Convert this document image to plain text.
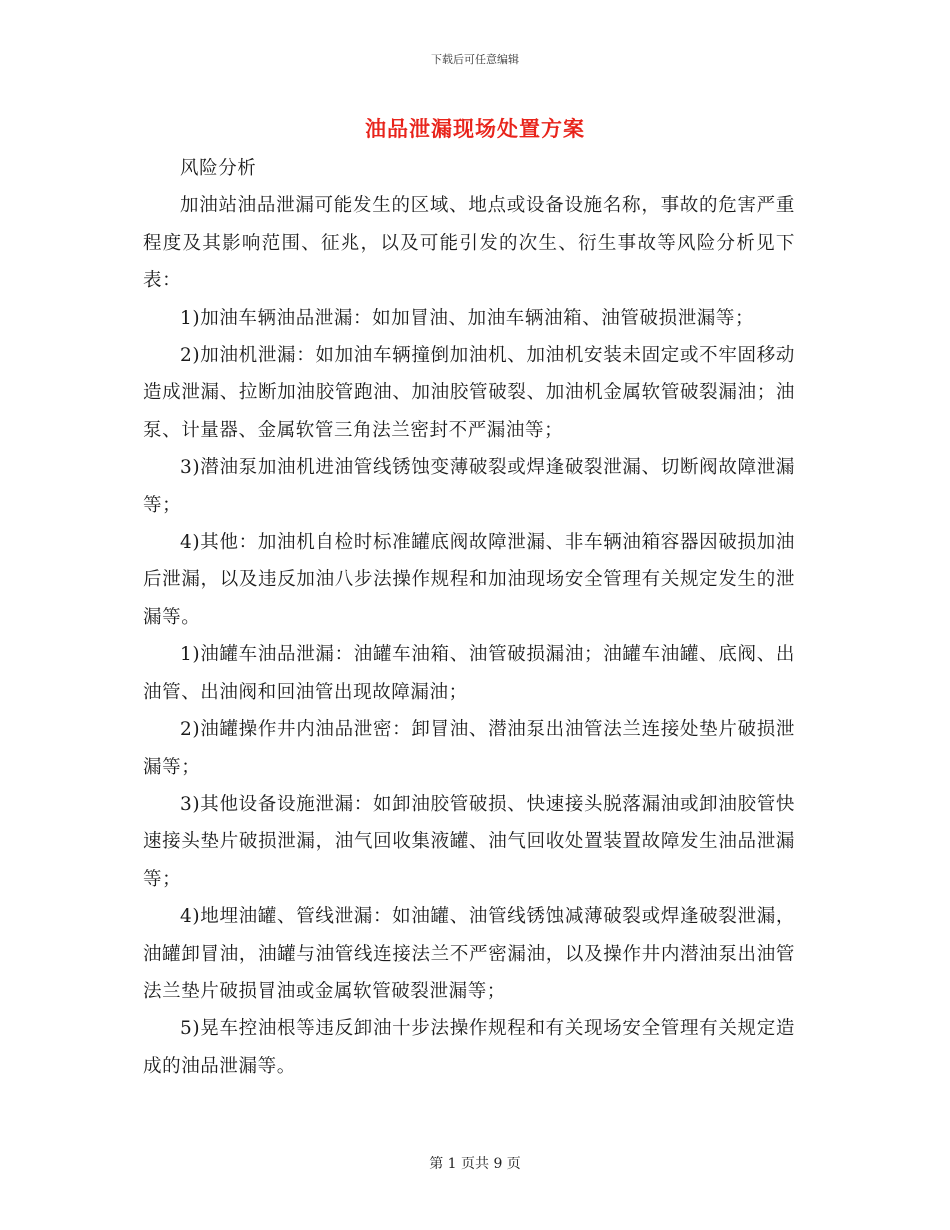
下载后可任意编辑
油品泄漏现场处置方案

风险分析

加油站油品泄漏可能发生的区域、地点或设备设施名称，事故的危害严重程度及其影响范围、征兆，以及可能引发的次生、衍生事故等风险分析见下表：

1)加油车辆油品泄漏：如加冒油、加油车辆油箱、油管破损泄漏等；

2)加油机泄漏：如加油车辆撞倒加油机、加油机安装未固定或不牢固移动造成泄漏、拉断加油胶管跑油、加油胶管破裂、加油机金属软管破裂漏油；油泵、计量器、金属软管三角法兰密封不严漏油等；

3)潜油泵加油机进油管线锈蚀变薄破裂或焊逢破裂泄漏、切断阀故障泄漏等；

4)其他：加油机自检时标准罐底阀故障泄漏、非车辆油箱容器因破损加油后泄漏，以及违反加油八步法操作规程和加油现场安全管理有关规定发生的泄漏等。

1)油罐车油品泄漏：油罐车油箱、油管破损漏油；油罐车油罐、底阀、出油管、出油阀和回油管出现故障漏油；

2)油罐操作井内油品泄密：卸冒油、潜油泵出油管法兰连接处垫片破损泄漏等；

3)其他设备设施泄漏：如卸油胶管破损、快速接头脱落漏油或卸油胶管快速接头垫片破损泄漏，油气回收集液罐、油气回收处置装置故障发生油品泄漏等；

4)地埋油罐、管线泄漏：如油罐、油管线锈蚀减薄破裂或焊逢破裂泄漏，油罐卸冒油，油罐与油管线连接法兰不严密漏油，以及操作井内潜油泵出油管法兰垫片破损冒油或金属软管破裂泄漏等；

5)晃车控油根等违反卸油十步法操作规程和有关现场安全管理有关规定造成的油品泄漏等。

第 1 页共 9 页
